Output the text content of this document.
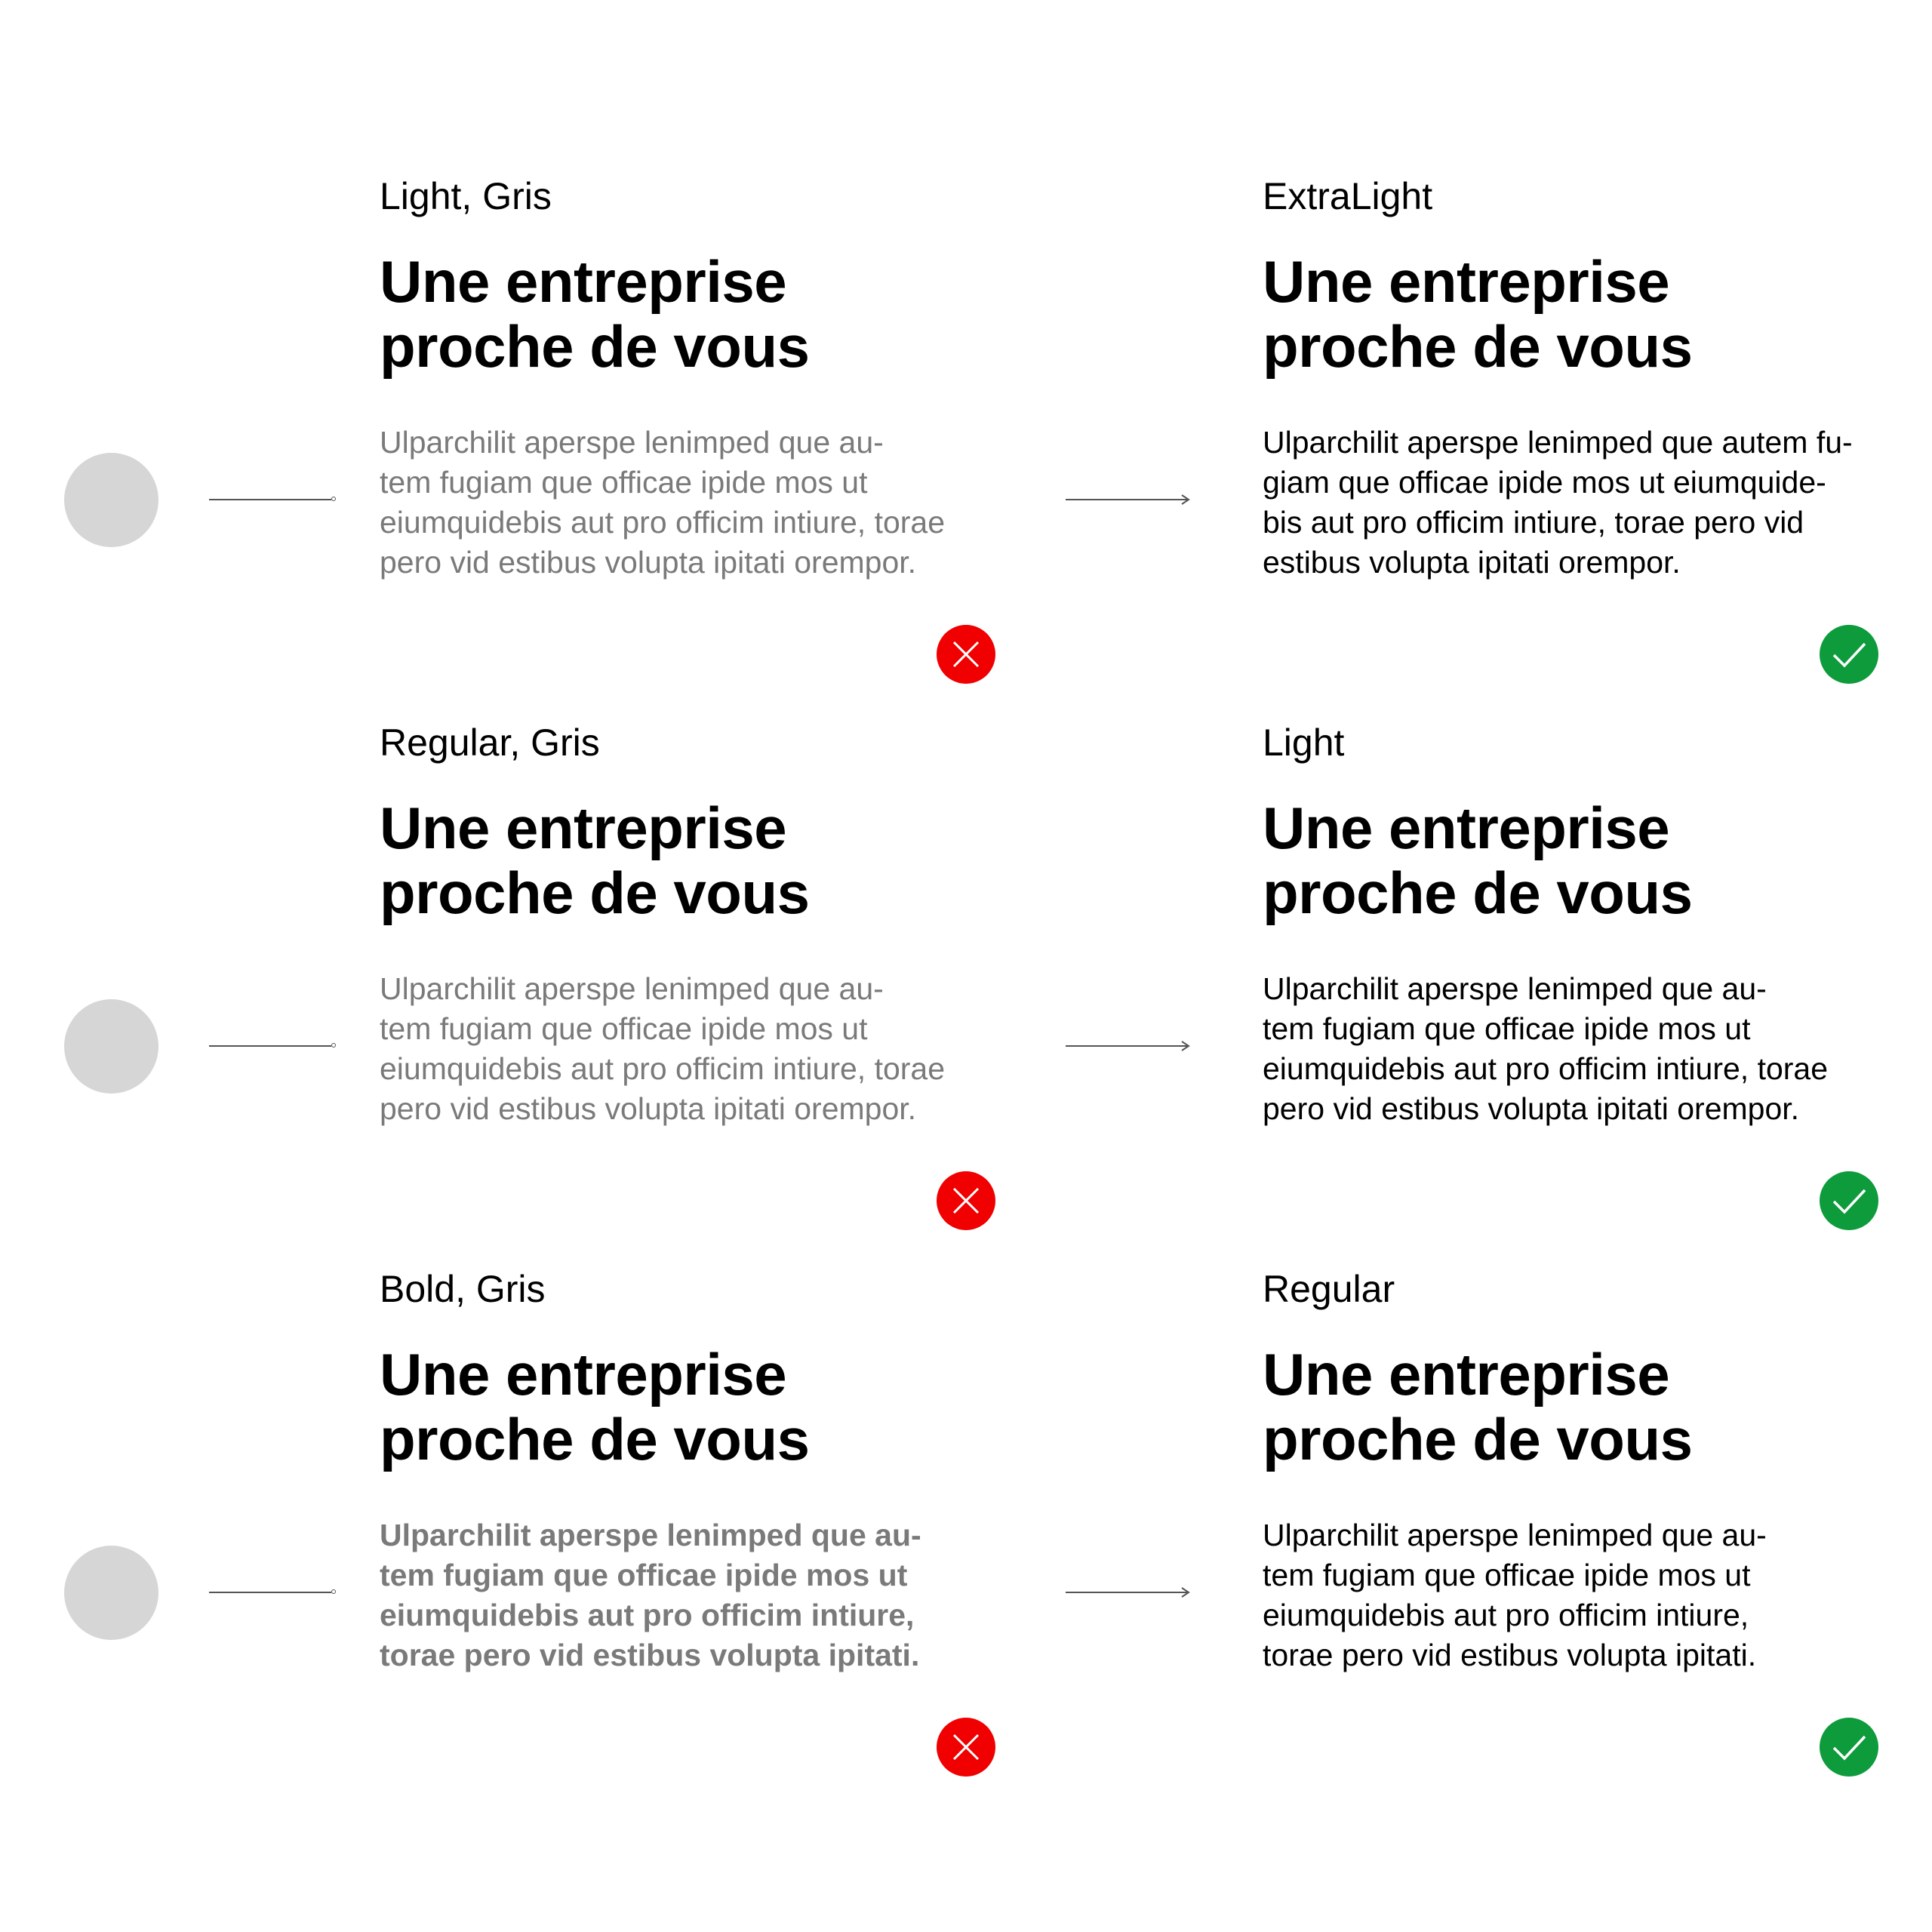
Light, Gris
Une entreprise
proche de vous
Ulparchilit aperspe lenimped que au-
tem fugiam que officae ipide mos ut
eiumquidebis aut pro officim intiure, torae
pero vid estibus volupta ipitati orempor.
ExtraLight
Une entreprise
proche de vous
Ulparchilit aperspe lenimped que autem fu-
giam que officae ipide mos ut eiumquide-
bis aut pro officim intiure, torae pero vid
estibus volupta ipitati orempor.
Regular, Gris
Une entreprise
proche de vous
Ulparchilit aperspe lenimped que au-
tem fugiam que officae ipide mos ut
eiumquidebis aut pro officim intiure, torae
pero vid estibus volupta ipitati orempor.
Light
Une entreprise
proche de vous
Ulparchilit aperspe lenimped que au-
tem fugiam que officae ipide mos ut
eiumquidebis aut pro officim intiure, torae
pero vid estibus volupta ipitati orempor.
Bold, Gris
Une entreprise
proche de vous
Ulparchilit aperspe lenimped que au-
tem fugiam que officae ipide mos ut
eiumquidebis aut pro officim intiure,
torae pero vid estibus volupta ipitati.
Regular
Une entreprise
proche de vous
Ulparchilit aperspe lenimped que au-
tem fugiam que officae ipide mos ut
eiumquidebis aut pro officim intiure,
torae pero vid estibus volupta ipitati.
